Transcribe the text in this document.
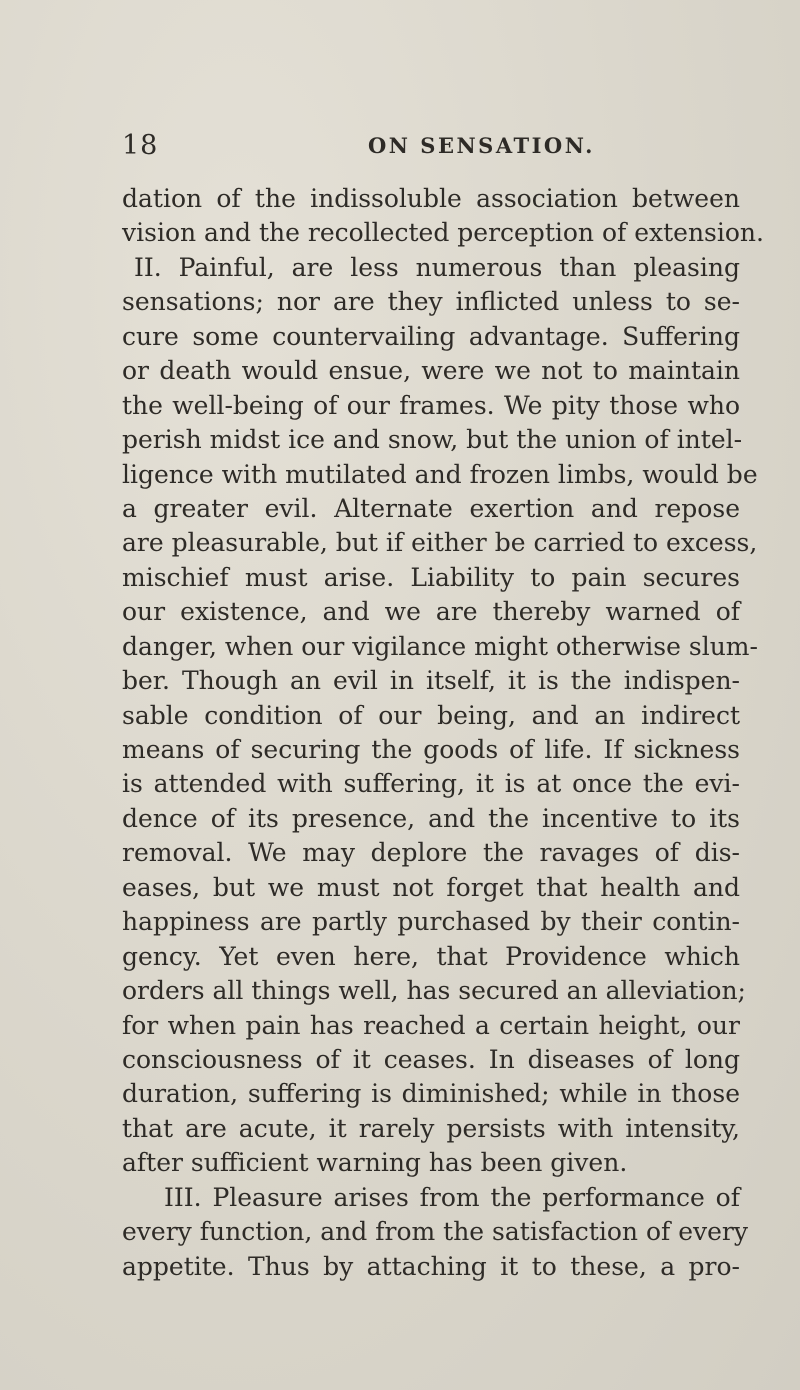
18	ON SENSATION.
dation of the indissoluble association between
vision and the recollected perception of extension.
II. Painful, are less numerous than pleasing
sensations; nor are they inflicted unless to se-
cure some countervailing advantage. Suffering
or death would ensue, were we not to maintain
the well-being of our frames. We pity those who
perish midst ice and snow, but the union of intel-
ligence with mutilated and frozen limbs, would be
a greater evil. Alternate exertion and repose
are pleasurable, but if either be carried to excess,
mischief must arise. Liability to pain secures
our existence, and we are thereby warned of
danger, when our vigilance might otherwise slum-
ber. Though an evil in itself, it is the indispen-
sable condition of our being, and an indirect
means of securing the goods of life. If sickness
is attended with suffering, it is at once the evi-
dence of its presence, and the incentive to its
removal. We may deplore the ravages of dis-
eases, but we must not forget that health and
happiness are partly purchased by their contin-
gency. Yet even here, that Providence which
orders all things well, has secured an alleviation;
for when pain has reached a certain height, our
consciousness of it ceases. In diseases of long
duration, suffering is diminished; while in those
that are acute, it rarely persists with intensity,
after sufficient warning has been given.
III. Pleasure arises from the performance of
every function, and from the satisfaction of every
appetite. Thus by attaching it to these, a pro-
